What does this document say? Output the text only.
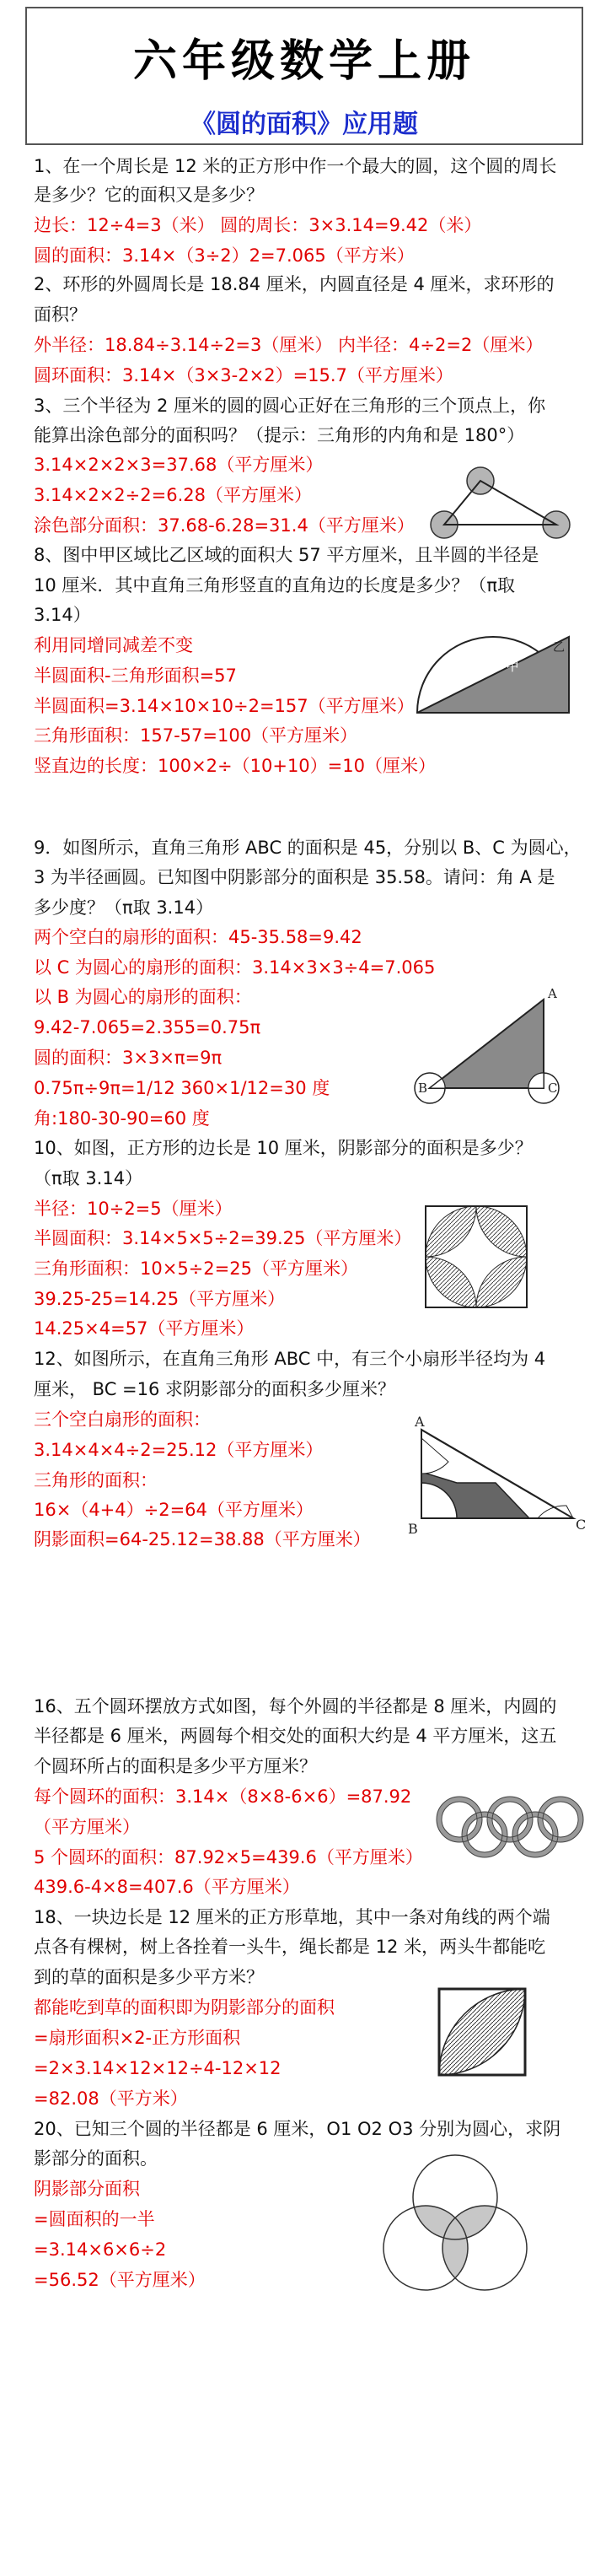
六年级数学上册
《圆的面积》应用题
1、在一个周长是 12 米的正方形中作一个最大的圆，这个圆的周长
是多少？它的面积又是多少？
边长：12÷4=3（米） 圆的周长：3×3.14=9.42（米）
圆的面积：3.14×（3÷2）2=7.065（平方米）
2、环形的外圆周长是 18.84 厘米，内圆直径是 4 厘米，求环形的
面积？
外半径：18.84÷3.14÷2=3（厘米） 内半径：4÷2=2（厘米）
圆环面积：3.14×（3×3-2×2）=15.7（平方厘米）
3、三个半径为 2 厘米的圆的圆心正好在三角形的三个顶点上，你
能算出涂色部分的面积吗？（提示：三角形的内角和是 180°）
3.14×2×2×3=37.68（平方厘米）
3.14×2×2÷2=6.28（平方厘米）
涂色部分面积：37.68-6.28=31.4（平方厘米）
8、图中甲区域比乙区域的面积大 57 平方厘米，且半圆的半径是
10 厘米．其中直角三角形竖直的直角边的长度是多少？（π取
3.14）
利用同增同减差不变
半圆面积-三角形面积=57
半圆面积=3.14×10×10÷2=157（平方厘米）
三角形面积：157-57=100（平方厘米）
竖直边的长度：100×2÷（10+10）=10（厘米）
甲
乙
9．如图所示，直角三角形 ABC 的面积是 45，分别以 B、C 为圆心，
3 为半径画圆。已知图中阴影部分的面积是 35.58。请问：角 A 是
多少度？（π取 3.14）
两个空白的扇形的面积：45-35.58=9.42
以 C 为圆心的扇形的面积：3.14×3×3÷4=7.065
以 B 为圆心的扇形的面积：
9.42-7.065=2.355=0.75π
圆的面积：3×3×π=9π
0.75π÷9π=1/12 360×1/12=30 度
角:180-30-90=60 度
A
B	C
10、如图，正方形的边长是 10 厘米，阴影部分的面积是多少？
（π取 3.14）
半径：10÷2=5（厘米）
半圆面积：3.14×5×5÷2=39.25（平方厘米）
三角形面积：10×5÷2=25（平方厘米）
39.25-25=14.25（平方厘米）
14.25×4=57（平方厘米）
12、如图所示，在直角三角形 ABC 中，有三个小扇形半径均为 4
厘米， BC =16 求阴影部分的面积多少厘米？
三个空白扇形的面积：
3.14×4×4÷2=25.12（平方厘米）
三角形的面积：
16×（4+4）÷2=64（平方厘米）
阴影面积=64-25.12=38.88（平方厘米）
A
B	C
16、五个圆环摆放方式如图，每个外圆的半径都是 8 厘米，内圆的
半径都是 6 厘米，两圆每个相交处的面积大约是 4 平方厘米，这五
个圆环所占的面积是多少平方厘米？
每个圆环的面积：3.14×（8×8-6×6）=87.92
（平方厘米）
5 个圆环的面积：87.92×5=439.6（平方厘米）
439.6-4×8=407.6（平方厘米）
18、一块边长是 12 厘米的正方形草地，其中一条对角线的两个端
点各有棵树，树上各拴着一头牛，绳长都是 12 米，两头牛都能吃
到的草的面积是多少平方米？
都能吃到草的面积即为阴影部分的面积
=扇形面积×2-正方形面积
=2×3.14×12×12÷4-12×12
=82.08（平方米）
20、已知三个圆的半径都是 6 厘米，O1 O2 O3 分别为圆心，求阴
影部分的面积。
阴影部分面积
=圆面积的一半
=3.14×6×6÷2
=56.52（平方厘米）
